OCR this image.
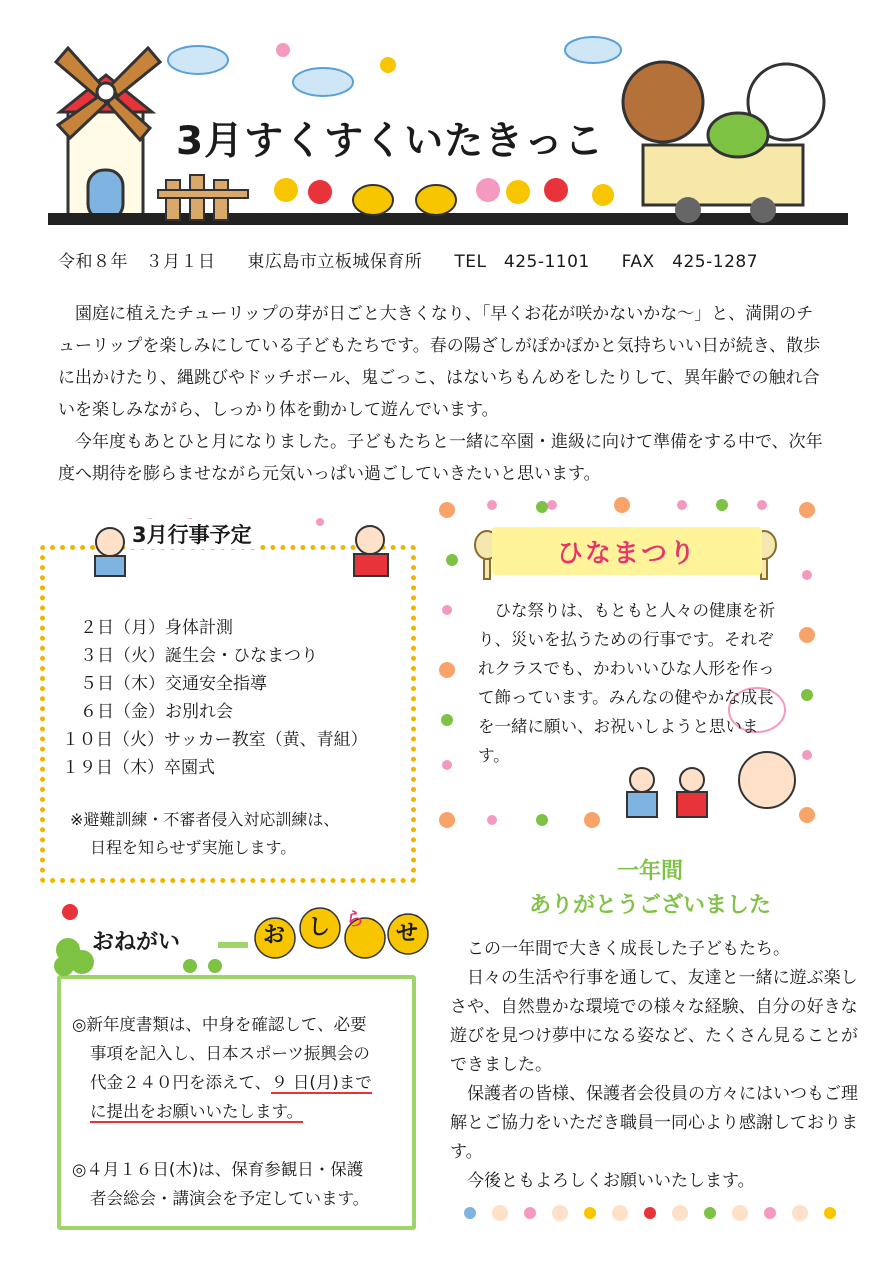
3月すくすくいたきっこ
令和８年　３月１日 東広島市立板城保育所 TEL　425-1101 FAX　425-1287

園庭に植えたチューリップの芽が日ごと大きくなり、「早くお花が咲かないかな～」と、満開のチューリップを楽しみにしている子どもたちです。春の陽ざしがぽかぽかと気持ちいい日が続き、散歩に出かけたり、縄跳びやドッチボール、鬼ごっこ、はないちもんめをしたりして、異年齢での触れ合いを楽しみながら、しっかり体を動かして遊んでいます。

今年度もあとひと月になりました。子どもたちと一緒に卒園・進級に向けて準備をする中で、次年度へ期待を膨らませながら元気いっぱい過ごしていきたいと思います。

3月行事予定
２日（月）身体計測
３日（火）誕生会・ひなまつり
５日（木）交通安全指導
６日（金）お別れ会
１０日（火）サッカー教室（黄、青組）
１９日（木）卒園式
※避難訓練・不審者侵入対応訓練は、
日程を知らせず実施します。
ひなまつり

ひな祭りは、もともと人々の健康を祈り、災いを払うための行事です。それぞれクラスでも、かわいいひな人形を作って飾っています。みんなの健やかな成長を一緒に願い、お祝いしようと思います。

一年間
ありがとうございました

この一年間で大きく成長した子どもたち。

日々の生活や行事を通して、友達と一緒に遊ぶ楽しさや、自然豊かな環境での様々な経験、自分の好きな遊びを見つけ夢中になる姿など、たくさん見ることができました。

保護者の皆様、保護者会役員の方々にはいつもご理解とご協力をいただき職員一同心より感謝しております。

今後ともよろしくお願いいたします。

おねがい	お し ら
せ
◎新年度書類は、中身を確認して、必要
事項を記入し、日本スポーツ振興会の
代金２４０円を添えて、９ 日(月)まで
に提出をお願いいたします。
◎４月１６日(木)は、保育参観日・保護
者会総会・講演会を予定しています。
